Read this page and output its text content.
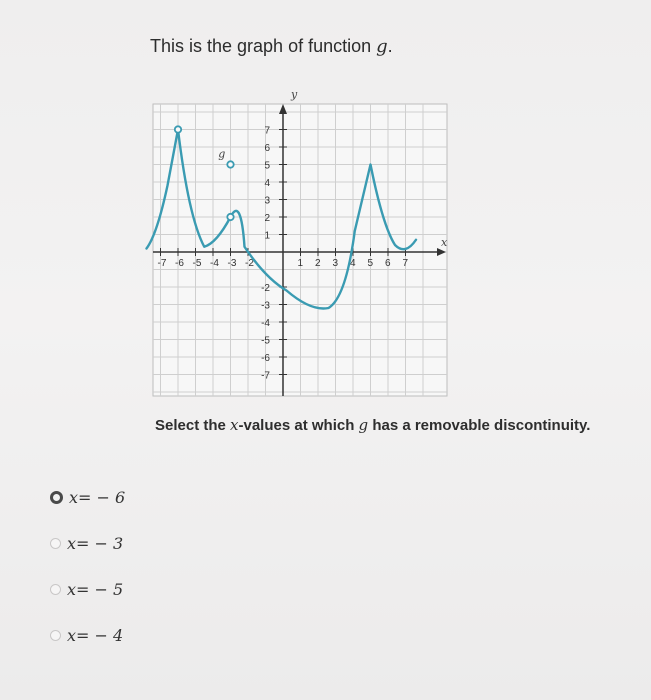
This is the graph of function g.
-7 -6 -5 -4 -3 -2	1 2 3 4 5 6 7
7
6
5
4
3
2
1
-2
-3
-4
-5
-6
-7
y
x
g
Select the x-values at which g has a removable discontinuity.
x= − 6
x= − 3
x= − 5
x= − 4
